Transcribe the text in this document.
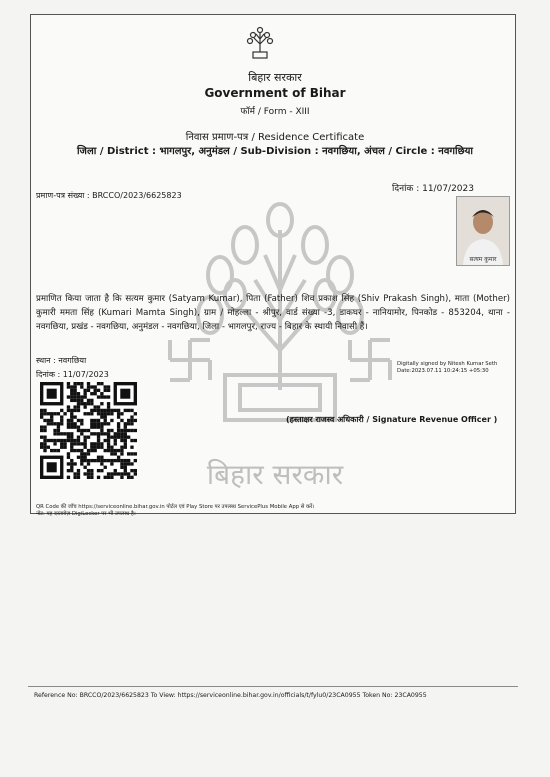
बिहार सरकार
बिहार सरकार
Government of Bihar
फॉर्म / Form - XIII
निवास प्रमाण-पत्र / Residence Certificate
जिला / District : भागलपुर, अनुमंडल / Sub-Division : नवगछिया, अंचल / Circle : नवगछिया
प्रमाण-पत्र संख्या : BRCCO/2023/6625823
दिनांक : 11/07/2023
सत्यम कुमार
प्रमाणित किया जाता है कि सत्यम कुमार (Satyam Kumar), पिता (Father) शिव प्रकाश सिंह (Shiv Prakash Singh), माता (Mother) कुमारी ममता सिंह (Kumari Mamta Singh), ग्राम / मोहल्ला - श्रीपुर, वार्ड संख्या -3, डाकघर - नानियामोर, पिनकोड - 853204, थाना - नवगछिया, प्रखंड - नवगछिया, अनुमंडल - नवगछिया, जिला - भागलपुर, राज्य - बिहार के स्थायी निवासी हैं।
स्थान : नवगछिया
दिनांक : 11/07/2023
Digitally signed by Nitesh Kumar Seth
Date:2023.07.11 10:24:15 +05:30
(हस्ताक्षर राजस्व अधिकारी / Signature Revenue Officer )
QR Code की जाँच https://serviceonline.bihar.gov.in पोर्टल एवं Play Store पर उपलब्ध ServicePlus Mobile App से करें।
नोट: यह दस्तावेज़ DigiLocker पर भी उपलब्ध है।
Reference No: BRCCO/2023/6625823 To View: https://serviceonline.bihar.gov.in/officials/t/fylu0/23CA0955 Token No: 23CA0955
